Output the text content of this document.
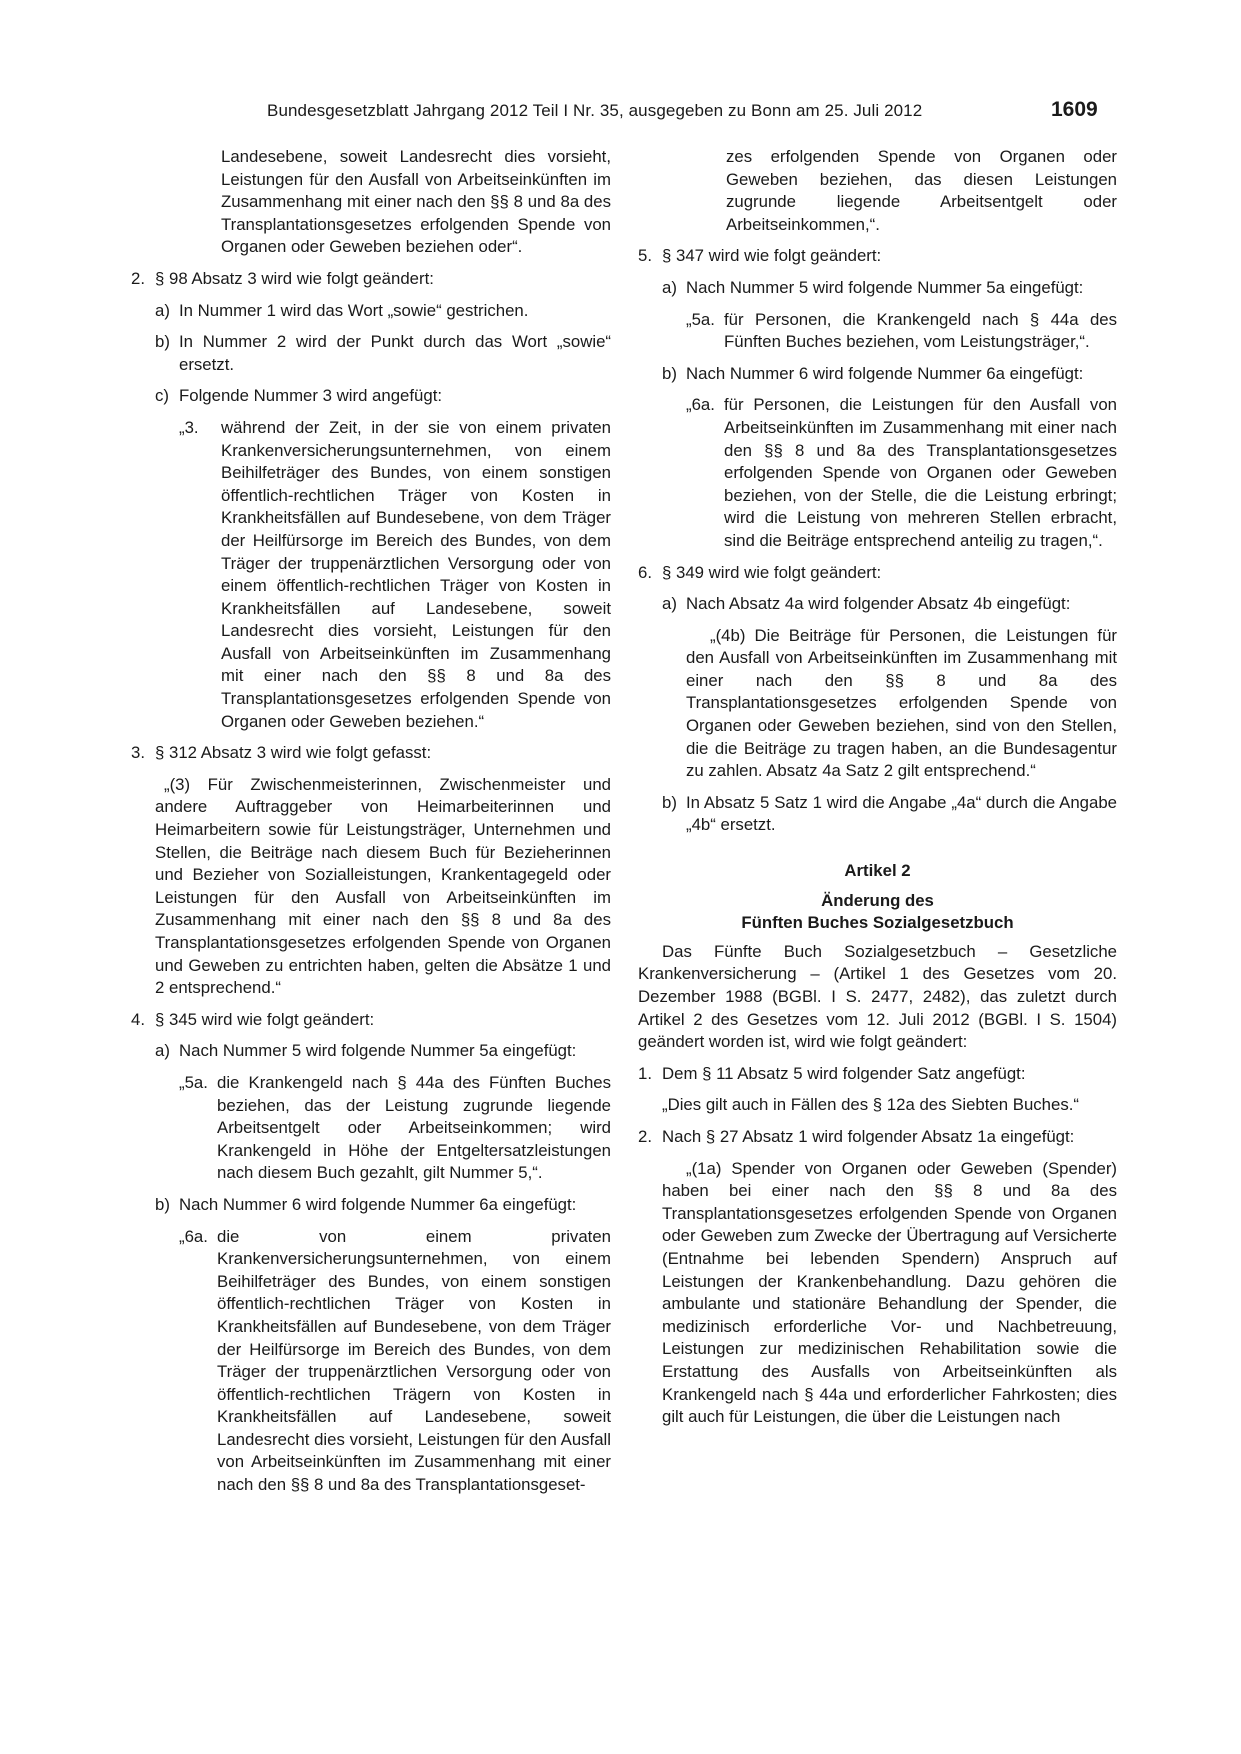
Bundesgesetzblatt Jahrgang 2012 Teil I Nr. 35, ausgegeben zu Bonn am 25. Juli 2012	1609

Landesebene, soweit Landesrecht dies vorsieht, Leistungen für den Ausfall von Arbeitseinkünften im Zusammenhang mit einer nach den §§ 8 und 8a des Transplantationsgesetzes erfolgenden Spende von Organen oder Geweben beziehen oder“.

2. § 98 Absatz 3 wird wie folgt geändert:
a) In Nummer 1 wird das Wort „sowie“ gestrichen.
b) In Nummer 2 wird der Punkt durch das Wort „sowie“ ersetzt.
c) Folgende Nummer 3 wird angefügt:
„3.	während der Zeit, in der sie von einem privaten Krankenversicherungsunternehmen, von einem Beihilfeträger des Bundes, von einem sonstigen öffentlich-rechtlichen Träger von Kosten in Krankheitsfällen auf Bundesebene, von dem Träger der Heilfürsorge im Bereich des Bundes, von dem Träger der truppenärztlichen Versorgung oder von einem öffentlich-rechtlichen Träger von Kosten in Krankheitsfällen auf Landesebene, soweit Landesrecht dies vorsieht, Leistungen für den Ausfall von Arbeitseinkünften im Zusammenhang mit einer nach den §§ 8 und 8a des Transplantationsgesetzes erfolgenden Spende von Organen oder Geweben beziehen.“
3. § 312 Absatz 3 wird wie folgt gefasst:

„(3) Für Zwischenmeisterinnen, Zwischenmeister und andere Auftraggeber von Heimarbeiterinnen und Heimarbeitern sowie für Leistungsträger, Unternehmen und Stellen, die Beiträge nach diesem Buch für Bezieherinnen und Bezieher von Sozialleistungen, Krankentagegeld oder Leistungen für den Ausfall von Arbeitseinkünften im Zusammenhang mit einer nach den §§ 8 und 8a des Transplantationsgesetzes erfolgenden Spende von Organen und Geweben zu entrichten haben, gelten die Absätze 1 und 2 entsprechend.“

4. § 345 wird wie folgt geändert:
a) Nach Nummer 5 wird folgende Nummer 5a eingefügt:
„5a. die Krankengeld nach § 44a des Fünften Buches beziehen, das der Leistung zugrunde liegende Arbeitsentgelt oder Arbeitseinkommen; wird Krankengeld in Höhe der Entgeltersatzleistungen nach diesem Buch gezahlt, gilt Nummer 5,“.
b) Nach Nummer 6 wird folgende Nummer 6a eingefügt:
„6a. die von einem privaten Krankenversicherungsunternehmen, von einem Beihilfeträger des Bundes, von einem sonstigen öffentlich-rechtlichen Träger von Kosten in Krankheitsfällen auf Bundesebene, von dem Träger der Heilfürsorge im Bereich des Bundes, von dem Träger der truppenärztlichen Versorgung oder von öffentlich-rechtlichen Trägern von Kosten in Krankheitsfällen auf Landesebene, soweit Landesrecht dies vorsieht, Leistungen für den Ausfall von Arbeitseinkünften im Zusammenhang mit einer nach den §§ 8 und 8a des Transplantationsgeset-

zes erfolgenden Spende von Organen oder Geweben beziehen, das diesen Leistungen zugrunde liegende Arbeitsentgelt oder Arbeitseinkommen,“.

5. § 347 wird wie folgt geändert:
a) Nach Nummer 5 wird folgende Nummer 5a eingefügt:
„5a. für Personen, die Krankengeld nach § 44a des Fünften Buches beziehen, vom Leistungsträger,“.
b) Nach Nummer 6 wird folgende Nummer 6a eingefügt:
„6a. für Personen, die Leistungen für den Ausfall von Arbeitseinkünften im Zusammenhang mit einer nach den §§ 8 und 8a des Transplantationsgesetzes erfolgenden Spende von Organen oder Geweben beziehen, von der Stelle, die die Leistung erbringt; wird die Leistung von mehreren Stellen erbracht, sind die Beiträge entsprechend anteilig zu tragen,“.
6. § 349 wird wie folgt geändert:
a) Nach Absatz 4a wird folgender Absatz 4b eingefügt:

„(4b) Die Beiträge für Personen, die Leistungen für den Ausfall von Arbeitseinkünften im Zusammenhang mit einer nach den §§ 8 und 8a des Transplantationsgesetzes erfolgenden Spende von Organen oder Geweben beziehen, sind von den Stellen, die die Beiträge zu tragen haben, an die Bundesagentur zu zahlen. Absatz 4a Satz 2 gilt entsprechend.“

b) In Absatz 5 Satz 1 wird die Angabe „4a“ durch die Angabe „4b“ ersetzt.

Artikel 2

Änderung des

Fünften Buches Sozialgesetzbuch

Das Fünfte Buch Sozialgesetzbuch – Gesetzliche Krankenversicherung – (Artikel 1 des Gesetzes vom 20. Dezember 1988 (BGBl. I S. 2477, 2482), das zuletzt durch Artikel 2 des Gesetzes vom 12. Juli 2012 (BGBl. I S. 1504) geändert worden ist, wird wie folgt geändert:

1. Dem § 11 Absatz 5 wird folgender Satz angefügt:

„Dies gilt auch in Fällen des § 12a des Siebten Buches.“

2. Nach § 27 Absatz 1 wird folgender Absatz 1a eingefügt:

„(1a) Spender von Organen oder Geweben (Spender) haben bei einer nach den §§ 8 und 8a des Transplantationsgesetzes erfolgenden Spende von Organen oder Geweben zum Zwecke der Übertragung auf Versicherte (Entnahme bei lebenden Spendern) Anspruch auf Leistungen der Krankenbehandlung. Dazu gehören die ambulante und stationäre Behandlung der Spender, die medizinisch erforderliche Vor- und Nachbetreuung, Leistungen zur medizinischen Rehabilitation sowie die Erstattung des Ausfalls von Arbeitseinkünften als Krankengeld nach § 44a und erforderlicher Fahrkosten; dies gilt auch für Leistungen, die über die Leistungen nach
